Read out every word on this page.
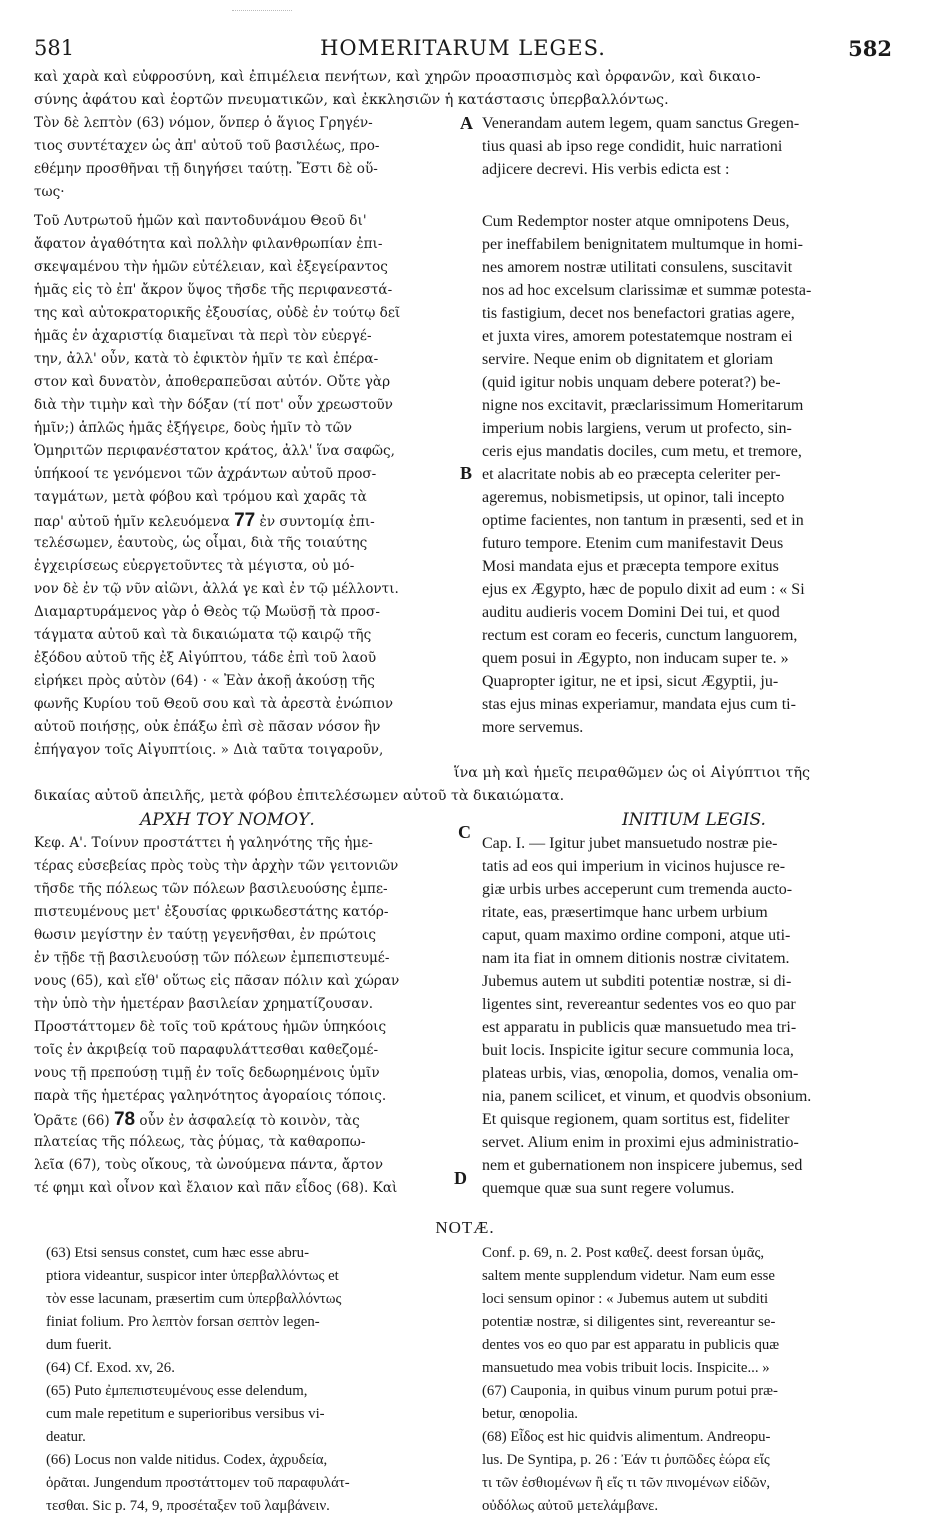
581	HOMERITARUM LEGES.	582
καὶ χαρὰ καὶ εὐφροσύνη, καὶ ἐπιμέλεια πενήτων, καὶ χηρῶν προασπισμὸς καὶ ὀρφανῶν, καὶ δικαιο-
σύνης ἀφάτου καὶ ἑορτῶν πνευματικῶν, καὶ ἐκκλησιῶν ἡ κατάστασις ὑπερβαλλόντως.
Τὸν δὲ λεπτὸν (63) νόμον, ὅνπερ ὁ ἅγιος Γρηγέν-
τιος συντέταχεν ὡς ἀπ' αὐτοῦ τοῦ βασιλέως, προ-
εθέμην προσθῆναι τῇ διηγήσει ταύτῃ. Ἔστι δὲ οὕ-
τως·
Venerandam autem legem, quam sanctus Gregen-
tius quasi ab ipso rege condidit, huic narrationi
adjicere decrevi. His verbis edicta est :
A
Τοῦ Λυτρωτοῦ ἡμῶν καὶ παντοδυνάμου Θεοῦ δι'
ἄφατον ἀγαθότητα καὶ πολλὴν φιλανθρωπίαν ἐπι-
σκεψαμένου τὴν ἡμῶν εὐτέλειαν, καὶ ἐξεγείραντος
ἡμᾶς εἰς τὸ ἐπ' ἄκρον ὕψος τῆσδε τῆς περιφανεστά-
της καὶ αὐτοκρατορικῆς ἐξουσίας, οὐδὲ ἐν τούτῳ δεῖ
ἡμᾶς ἐν ἀχαριστίᾳ διαμεῖναι τὰ περὶ τὸν εὐεργέ-
την, ἀλλ' οὖν, κατὰ τὸ ἐφικτὸν ἡμῖν τε καὶ ἐπέρα-
στον καὶ δυνατὸν, ἀποθεραπεῦσαι αὐτόν. Οὔτε γὰρ
διὰ τὴν τιμὴν καὶ τὴν δόξαν (τί ποτ' οὖν χρεωστοῦν
ἡμῖν;) ἁπλῶς ἡμᾶς ἐξήγειρε, δοὺς ἡμῖν τὸ τῶν
Ὁμηριτῶν περιφανέστατον κράτος, ἀλλ' ἵνα σαφῶς,
ὑπήκοοί τε γενόμενοι τῶν ἀχράντων αὐτοῦ προσ-
ταγμάτων, μετὰ φόβου καὶ τρόμου καὶ χαρᾶς τὰ
παρ' αὐτοῦ ἡμῖν κελευόμενα 77 ἐν συντομίᾳ ἐπι-
τελέσωμεν, ἑαυτοὺς, ὡς οἶμαι, διὰ τῆς τοιαύτης
ἐγχειρίσεως εὐεργετοῦντες τὰ μέγιστα, οὐ μό-
νον δὲ ἐν τῷ νῦν αἰῶνι, ἀλλά γε καὶ ἐν τῷ μέλλοντι.
Διαμαρτυράμενος γὰρ ὁ Θεὸς τῷ Μωϋσῇ τὰ προσ-
τάγματα αὐτοῦ καὶ τὰ δικαιώματα τῷ καιρῷ τῆς
ἐξόδου αὐτοῦ τῆς ἐξ Αἰγύπτου, τάδε ἐπὶ τοῦ λαοῦ
εἰρήκει πρὸς αὐτὸν (64) · « Ἐὰν ἀκοῇ ἀκούσῃ τῆς
φωνῆς Κυρίου τοῦ Θεοῦ σου καὶ τὰ ἀρεστὰ ἐνώπιον
αὐτοῦ ποιήσῃς, οὐκ ἐπάξω ἐπὶ σὲ πᾶσαν νόσον ἣν
ἐπήγαγον τοῖς Αἰγυπτίοις. » Διὰ ταῦτα τοιγαροῦν,
Cum Redemptor noster atque omnipotens Deus,
per ineffabilem benignitatem multumque in homi-
nes amorem nostræ utilitati consulens, suscitavit
nos ad hoc excelsum clarissimæ et summæ potesta-
tis fastigium, decet nos benefactori gratias agere,
et juxta vires, amorem potestatemque nostram ei
servire. Neque enim ob dignitatem et gloriam
(quid igitur nobis unquam debere poterat?) be-
nigne nos excitavit, præclarissimum Homeritarum
imperium nobis largiens, verum ut profecto, sin-
ceris ejus mandatis dociles, cum metu, et tremore,
et alacritate nobis ab eo præcepta celeriter per-
ageremus, nobismetipsis, ut opinor, tali incepto
optime facientes, non tantum in præsenti, sed et in
futuro tempore. Etenim cum manifestavit Deus
Mosi mandata ejus et præcepta tempore exitus
ejus ex Ægypto, hæc de populo dixit ad eum : « Si
auditu audieris vocem Domini Dei tui, et quod
rectum est coram eo feceris, cunctum languorem,
quem posui in Ægypto, non inducam super te. »
Quapropter igitur, ne et ipsi, sicut Ægyptii, ju-
stas ejus minas experiamur, mandata ejus cum ti-
more servemus.
B
ἵνα μὴ καὶ ἡμεῖς πειραθῶμεν ὡς οἱ Αἰγύπτιοι τῆς
δικαίας αὐτοῦ ἀπειλῆς, μετὰ φόβου ἐπιτελέσωμεν αὐτοῦ τὰ δικαιώματα.
ΑΡΧΗ ΤΟΥ ΝΟΜΟΥ.	INITIUM LEGIS.
C
Κεφ. Α'. Τοίνυν προστάττει ἡ γαληνότης τῆς ἡμε-
τέρας εὐσεβείας πρὸς τοὺς τὴν ἀρχὴν τῶν γειτονιῶν
τῆσδε τῆς πόλεως τῶν πόλεων βασιλευούσης ἐμπε-
πιστευμένους μετ' ἐξουσίας φρικωδεστάτης κατόρ-
θωσιν μεγίστην ἐν ταύτῃ γεγενῆσθαι, ἐν πρώτοις
ἐν τῇδε τῇ βασιλευούσῃ τῶν πόλεων ἐμπεπιστευμέ-
νους (65), καὶ εἴθ' οὕτως εἰς πᾶσαν πόλιν καὶ χώραν
τὴν ὑπὸ τὴν ἡμετέραν βασιλείαν χρηματίζουσαν.
Προστάττομεν δὲ τοῖς τοῦ κράτους ἡμῶν ὑπηκόοις
τοῖς ἐν ἀκριβείᾳ τοῦ παραφυλάττεσθαι καθεζομέ-
νους τῇ πρεπούσῃ τιμῇ ἐν τοῖς δεδωρημένοις ὑμῖν
παρὰ τῆς ἡμετέρας γαληνότητος ἀγοραίοις τόποις.
Ὁρᾶτε (66) 78 οὖν ἐν ἀσφαλείᾳ τὸ κοινὸν, τὰς
πλατείας τῆς πόλεως, τὰς ῥύμας, τὰ καθαροπω-
λεῖα (67), τοὺς οἴκους, τὰ ὠνούμενα πάντα, ἄρτον
τέ φημι καὶ οἶνον καὶ ἔλαιον καὶ πᾶν εἶδος (68). Καὶ
Cap. I. — Igitur jubet mansuetudo nostræ pie-
tatis ad eos qui imperium in vicinos hujusce re-
giæ urbis urbes acceperunt cum tremenda aucto-
ritate, eas, præsertimque hanc urbem urbium
caput, quam maximo ordine componi, atque uti-
nam ita fiat in omnem ditionis nostræ civitatem.
Jubemus autem ut subditi potentiæ nostræ, si di-
ligentes sint, revereantur sedentes vos eo quo par
est apparatu in publicis quæ mansuetudo mea tri-
buit locis. Inspicite igitur secure communia loca,
plateas urbis, vias, œnopolia, domos, venalia om-
nia, panem scilicet, et vinum, et quodvis obsonium.
Et quisque regionem, quam sortitus est, fideliter
servet. Alium enim in proximi ejus administratio-
nem et gubernationem non inspicere jubemus, sed
quemque quæ sua sunt regere volumus.
D
NOTÆ.
(63) Etsi sensus constet, cum hæc esse abru-
ptiora videantur, suspicor inter ὑπερβαλλόντως et
τὸν esse lacunam, præsertim cum ὑπερβαλλόντως
finiat folium. Pro λεπτὸν forsan σεπτὸν legen-
dum fuerit.
(64) Cf. Exod. xv, 26.
(65) Puto ἐμπεπιστευμένους esse delendum,
cum male repetitum e superioribus versibus vi-
deatur.
(66) Locus non valde nitidus. Codex, ἀχρυδεία,
ὁρᾶται. Jungendum προστάττομεν τοῦ παραφυλάτ-
τεσθαι. Sic p. 74, 9, προσέταξεν τοῦ λαμβάνειν.
Conf. p. 69, n. 2. Post καθεζ. deest forsan ὑμᾶς,
saltem mente supplendum videtur. Nam eum esse
loci sensum opinor : « Jubemus autem ut subditi
potentiæ nostræ, si diligentes sint, revereantur se-
dentes vos eo quo par est apparatu in publicis quæ
mansuetudo mea vobis tribuit locis. Inspicite... »
(67) Cauponia, in quibus vinum purum potui præ-
betur, œnopolia.
(68) Εἶδος est hic quidvis alimentum. Andreopu-
lus. De Syntipa, p. 26 : Ἐάν τι ῥυπῶδες ἑώρα εἴς
τι τῶν ἐσθιομένων ἢ εἴς τι τῶν πινομένων εἰδῶν,
οὐδόλως αὐτοῦ μετελάμβανε.
